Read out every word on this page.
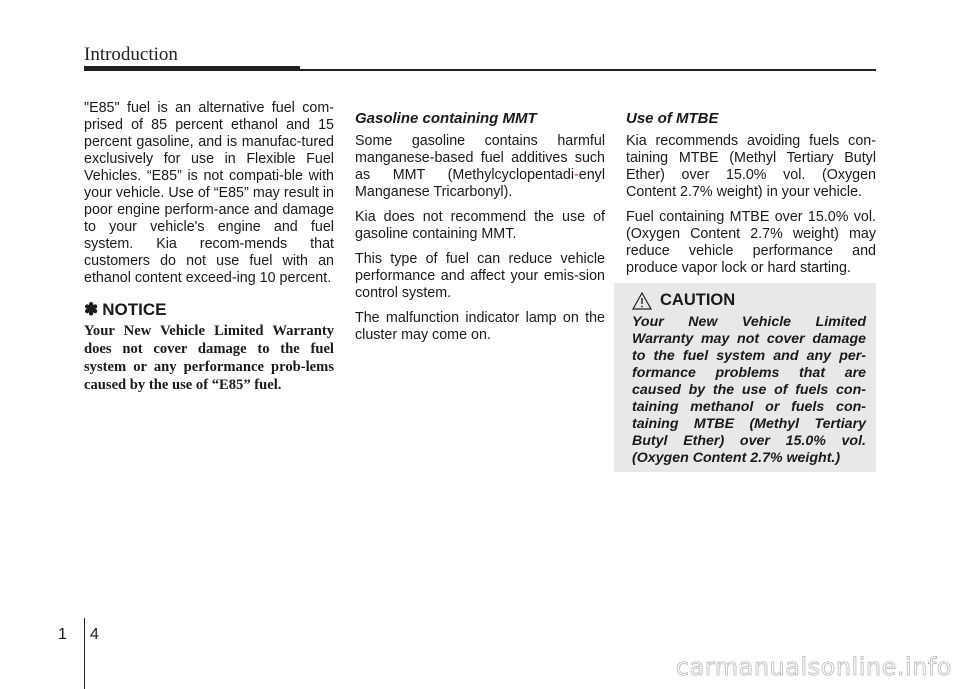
Introduction

"E85" fuel is an alternative fuel com-prised of 85 percent ethanol and 15 percent gasoline, and is manufac-tured exclusively for use in Flexible Fuel Vehicles. “E85” is not compati-ble with your vehicle. Use of “E85” may result in poor engine perform-ance and damage to your vehicle's engine and fuel system. Kia recom-mends that customers do not use fuel with an ethanol content exceed-ing 10 percent.

✽ NOTICE

Your New Vehicle Limited Warranty does not cover damage to the fuel system or any performance prob-lems caused by the use of “E85” fuel.

Gasoline containing MMT

Some gasoline contains harmful manganese-based fuel additives such as MMT (Methylcyclopentadi-enyl Manganese Tricarbonyl).

Kia does not recommend the use of gasoline containing MMT.

This type of fuel can reduce vehicle performance and affect your emis-sion control system.

The malfunction indicator lamp on the cluster may come on.

Use of MTBE

Kia recommends avoiding fuels con-taining MTBE (Methyl Tertiary Butyl Ether) over 15.0% vol. (Oxygen Content 2.7% weight) in your vehicle.

Fuel containing MTBE over 15.0% vol. (Oxygen Content 2.7% weight) may reduce vehicle performance and produce vapor lock or hard starting.

CAUTION

Your New Vehicle Limited Warranty may not cover damage to the fuel system and any per-formance problems that are caused by the use of fuels con-taining methanol or fuels con-taining MTBE (Methyl Tertiary Butyl Ether) over 15.0% vol. (Oxygen Content 2.7% weight.)

1 4
carmanualsonline.info
